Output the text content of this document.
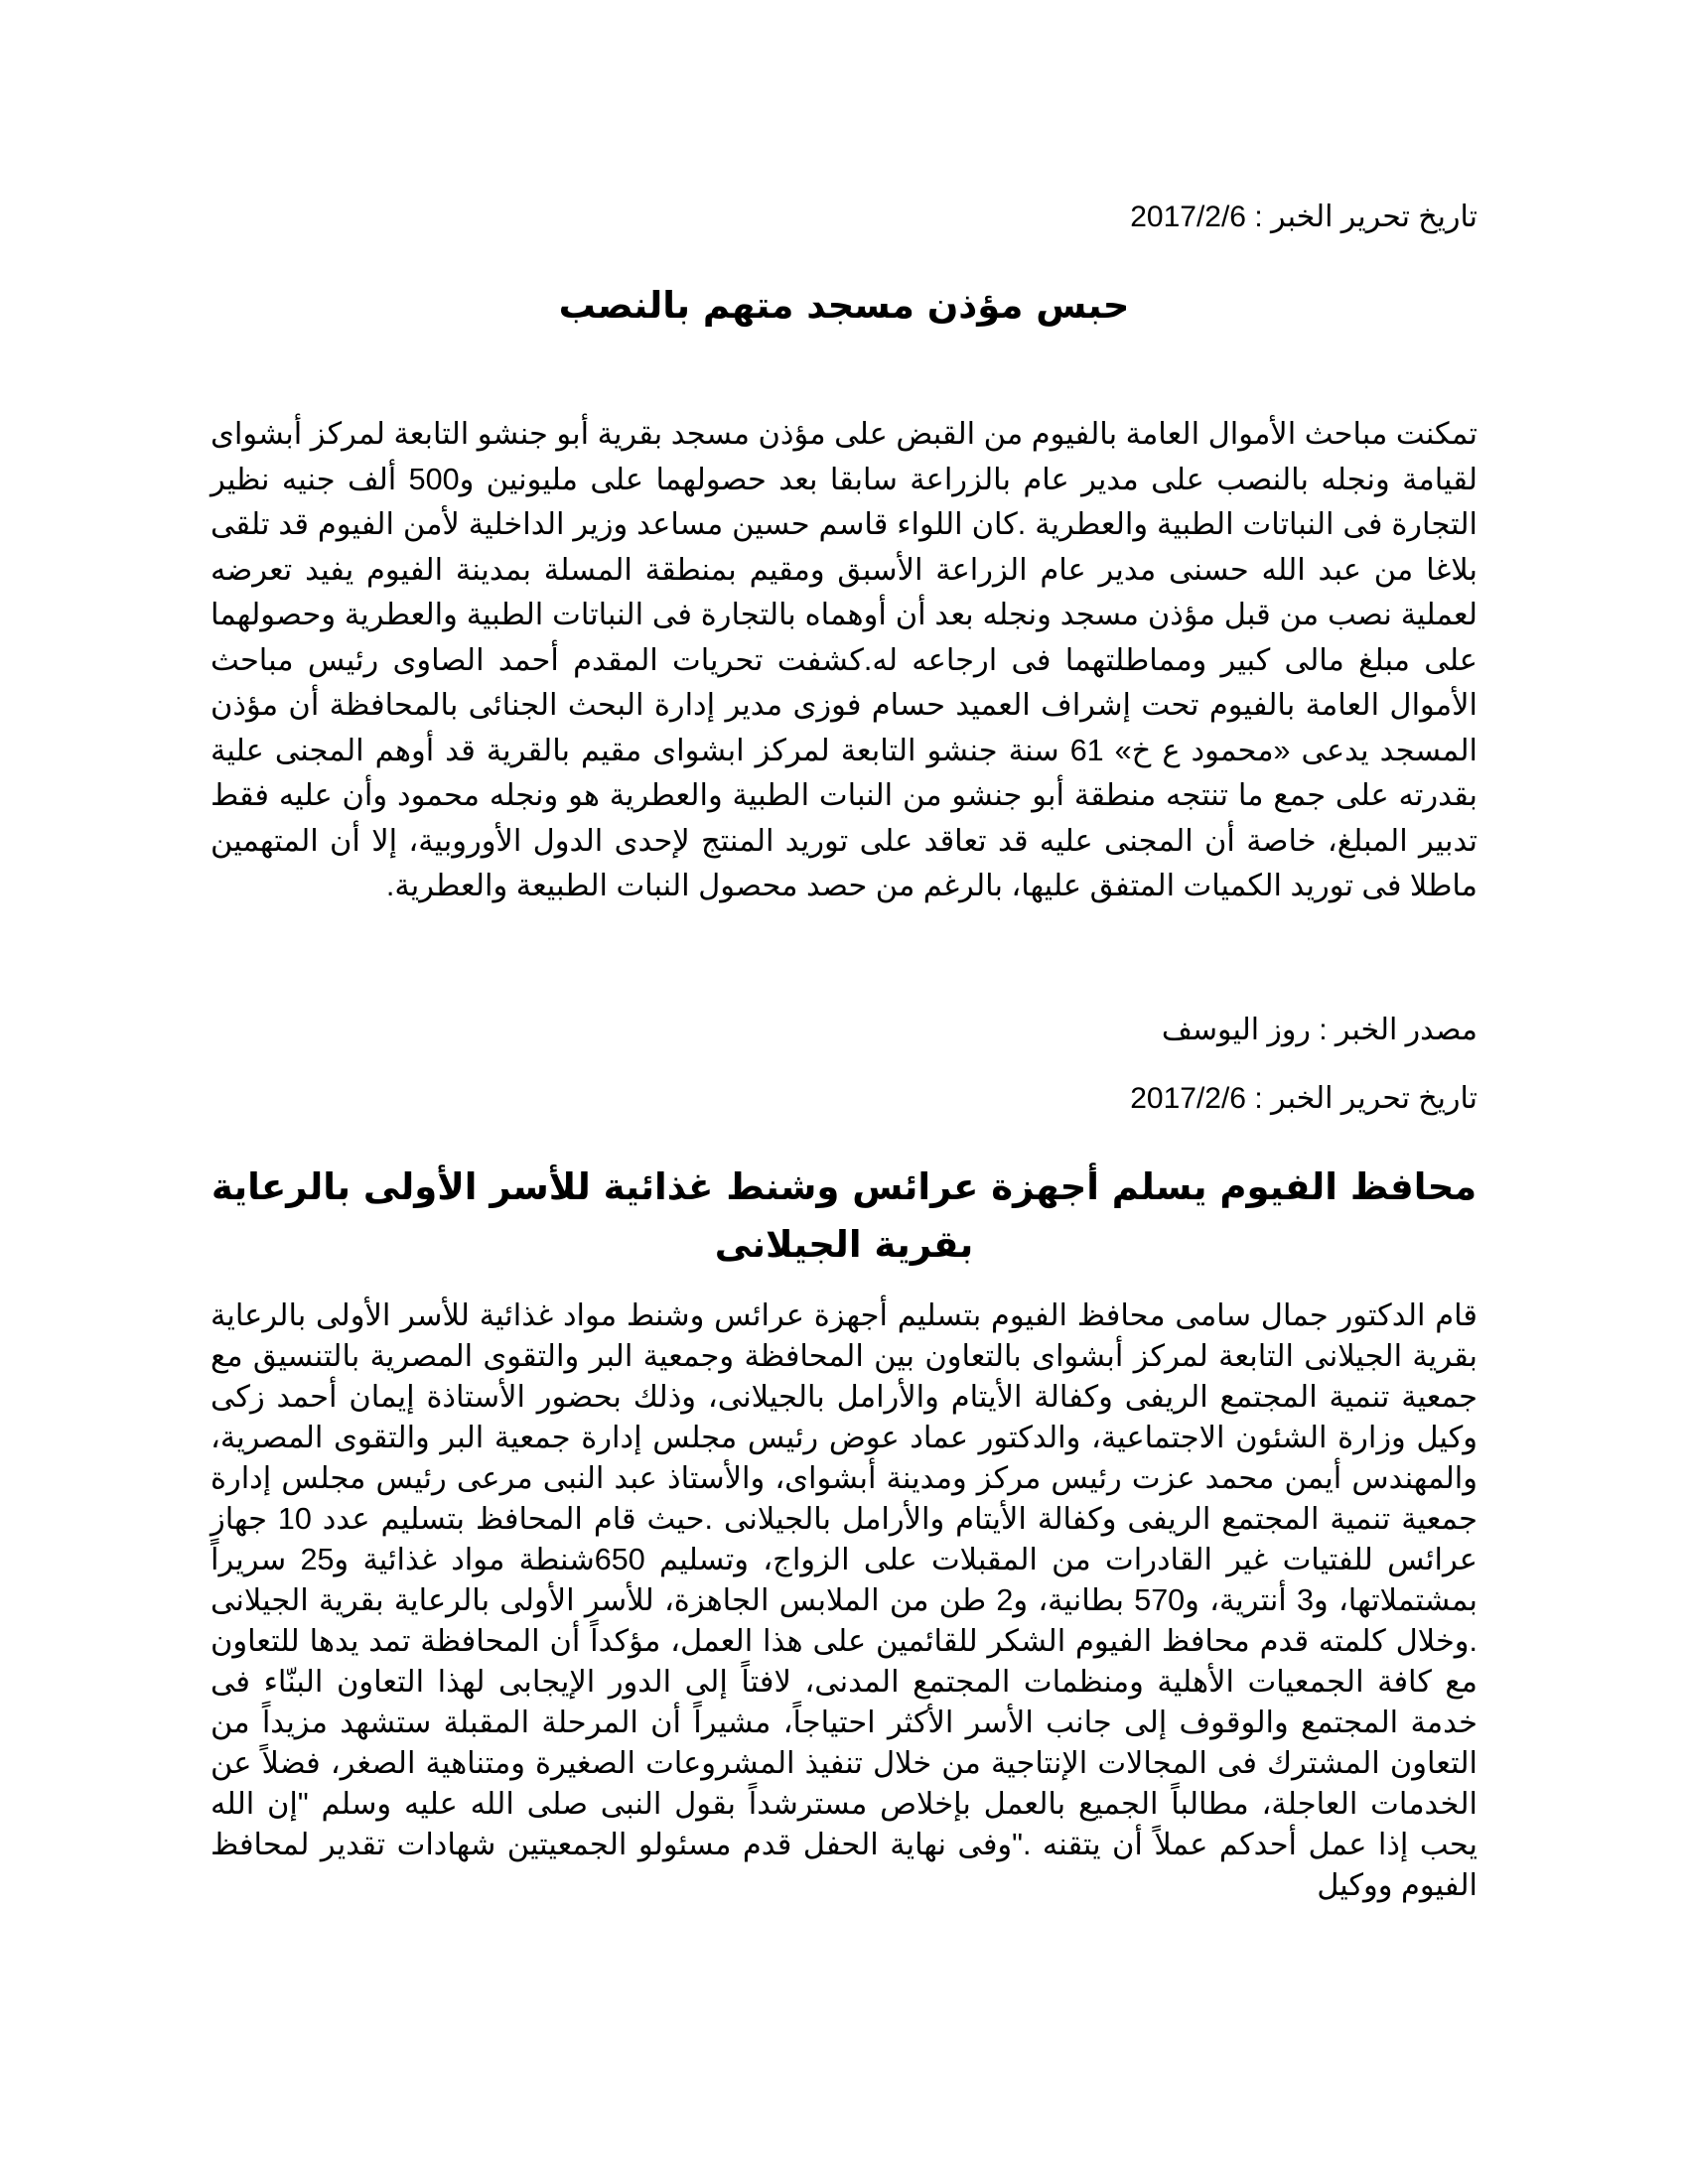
تاريخ تحرير الخبر : 2017/2/6

حبس مؤذن مسجد متهم بالنصب

تمكنت مباحث الأموال العامة بالفيوم من القبض على مؤذن مسجد بقرية أبو جنشو التابعة لمركز أبشواى لقيامة ونجله بالنصب على مدير عام بالزراعة سابقا بعد حصولهما على مليونين و500 ألف جنيه نظير التجارة فى النباتات الطبية والعطرية .كان اللواء قاسم حسين مساعد وزير الداخلية لأمن الفيوم قد تلقى بلاغا من عبد الله حسنى مدير عام الزراعة الأسبق ومقيم بمنطقة المسلة بمدينة الفيوم يفيد تعرضه لعملية نصب من قبل مؤذن مسجد ونجله بعد أن أوهماه بالتجارة فى النباتات الطبية والعطرية وحصولهما على مبلغ مالى كبير ومماطلتهما فى ارجاعه له.كشفت تحريات المقدم أحمد الصاوى رئيس مباحث الأموال العامة بالفيوم تحت إشراف العميد حسام فوزى مدير إدارة البحث الجنائى بالمحافظة أن مؤذن المسجد يدعى «محمود ع خ» 61 سنة جنشو التابعة لمركز ابشواى مقيم بالقرية قد أوهم المجنى علية بقدرته على جمع ما تنتجه منطقة أبو جنشو من النبات الطبية والعطرية هو ونجله محمود وأن عليه فقط تدبير المبلغ، خاصة أن المجنى عليه قد تعاقد على توريد المنتج لإحدى الدول الأوروبية، إلا أن المتهمين ماطلا فى توريد الكميات المتفق عليها، بالرغم من حصد محصول النبات الطبيعة والعطرية.

مصدر الخبر : روز اليوسف

تاريخ تحرير الخبر : 2017/2/6

محافظ الفيوم يسلم أجهزة عرائس وشنط غذائية للأسر الأولى بالرعاية بقرية الجيلانى

قام الدكتور جمال سامى محافظ الفيوم بتسليم أجهزة عرائس وشنط مواد غذائية للأسر الأولى بالرعاية بقرية الجيلانى التابعة لمركز أبشواى بالتعاون بين المحافظة وجمعية البر والتقوى المصرية بالتنسيق مع جمعية تنمية المجتمع الريفى وكفالة الأيتام والأرامل بالجيلانى، وذلك بحضور الأستاذة إيمان أحمد زكى وكيل وزارة الشئون الاجتماعية، والدكتور عماد عوض رئيس مجلس إدارة جمعية البر والتقوى المصرية، والمهندس أيمن محمد عزت رئيس مركز ومدينة أبشواى، والأستاذ عبد النبى مرعى رئيس مجلس إدارة جمعية تنمية المجتمع الريفى وكفالة الأيتام والأرامل بالجيلانى .حيث قام المحافظ بتسليم عدد 10 جهاز عرائس للفتيات غير القادرات من المقبلات على الزواج، وتسليم 650شنطة مواد غذائية و25 سريراً بمشتملاتها، و3 أنترية، و570 بطانية، و2 طن من الملابس الجاهزة، للأسر الأولى بالرعاية بقرية الجيلانى .وخلال كلمته قدم محافظ الفيوم الشكر للقائمين على هذا العمل، مؤكداً أن المحافظة تمد يدها للتعاون مع كافة الجمعيات الأهلية ومنظمات المجتمع المدنى، لافتاً إلى الدور الإيجابى لهذا التعاون البنّاء فى خدمة المجتمع والوقوف إلى جانب الأسر الأكثر احتياجاً، مشيراً أن المرحلة المقبلة ستشهد مزيداً من التعاون المشترك فى المجالات الإنتاجية من خلال تنفيذ المشروعات الصغيرة ومتناهية الصغر، فضلاً عن الخدمات العاجلة، مطالباً الجميع بالعمل بإخلاص مسترشداً بقول النبى صلى الله عليه وسلم "إن الله يحب إذا عمل أحدكم عملاً أن يتقنه ."وفى نهاية الحفل قدم مسئولو الجمعيتين شهادات تقدير لمحافظ الفيوم ووكيل
